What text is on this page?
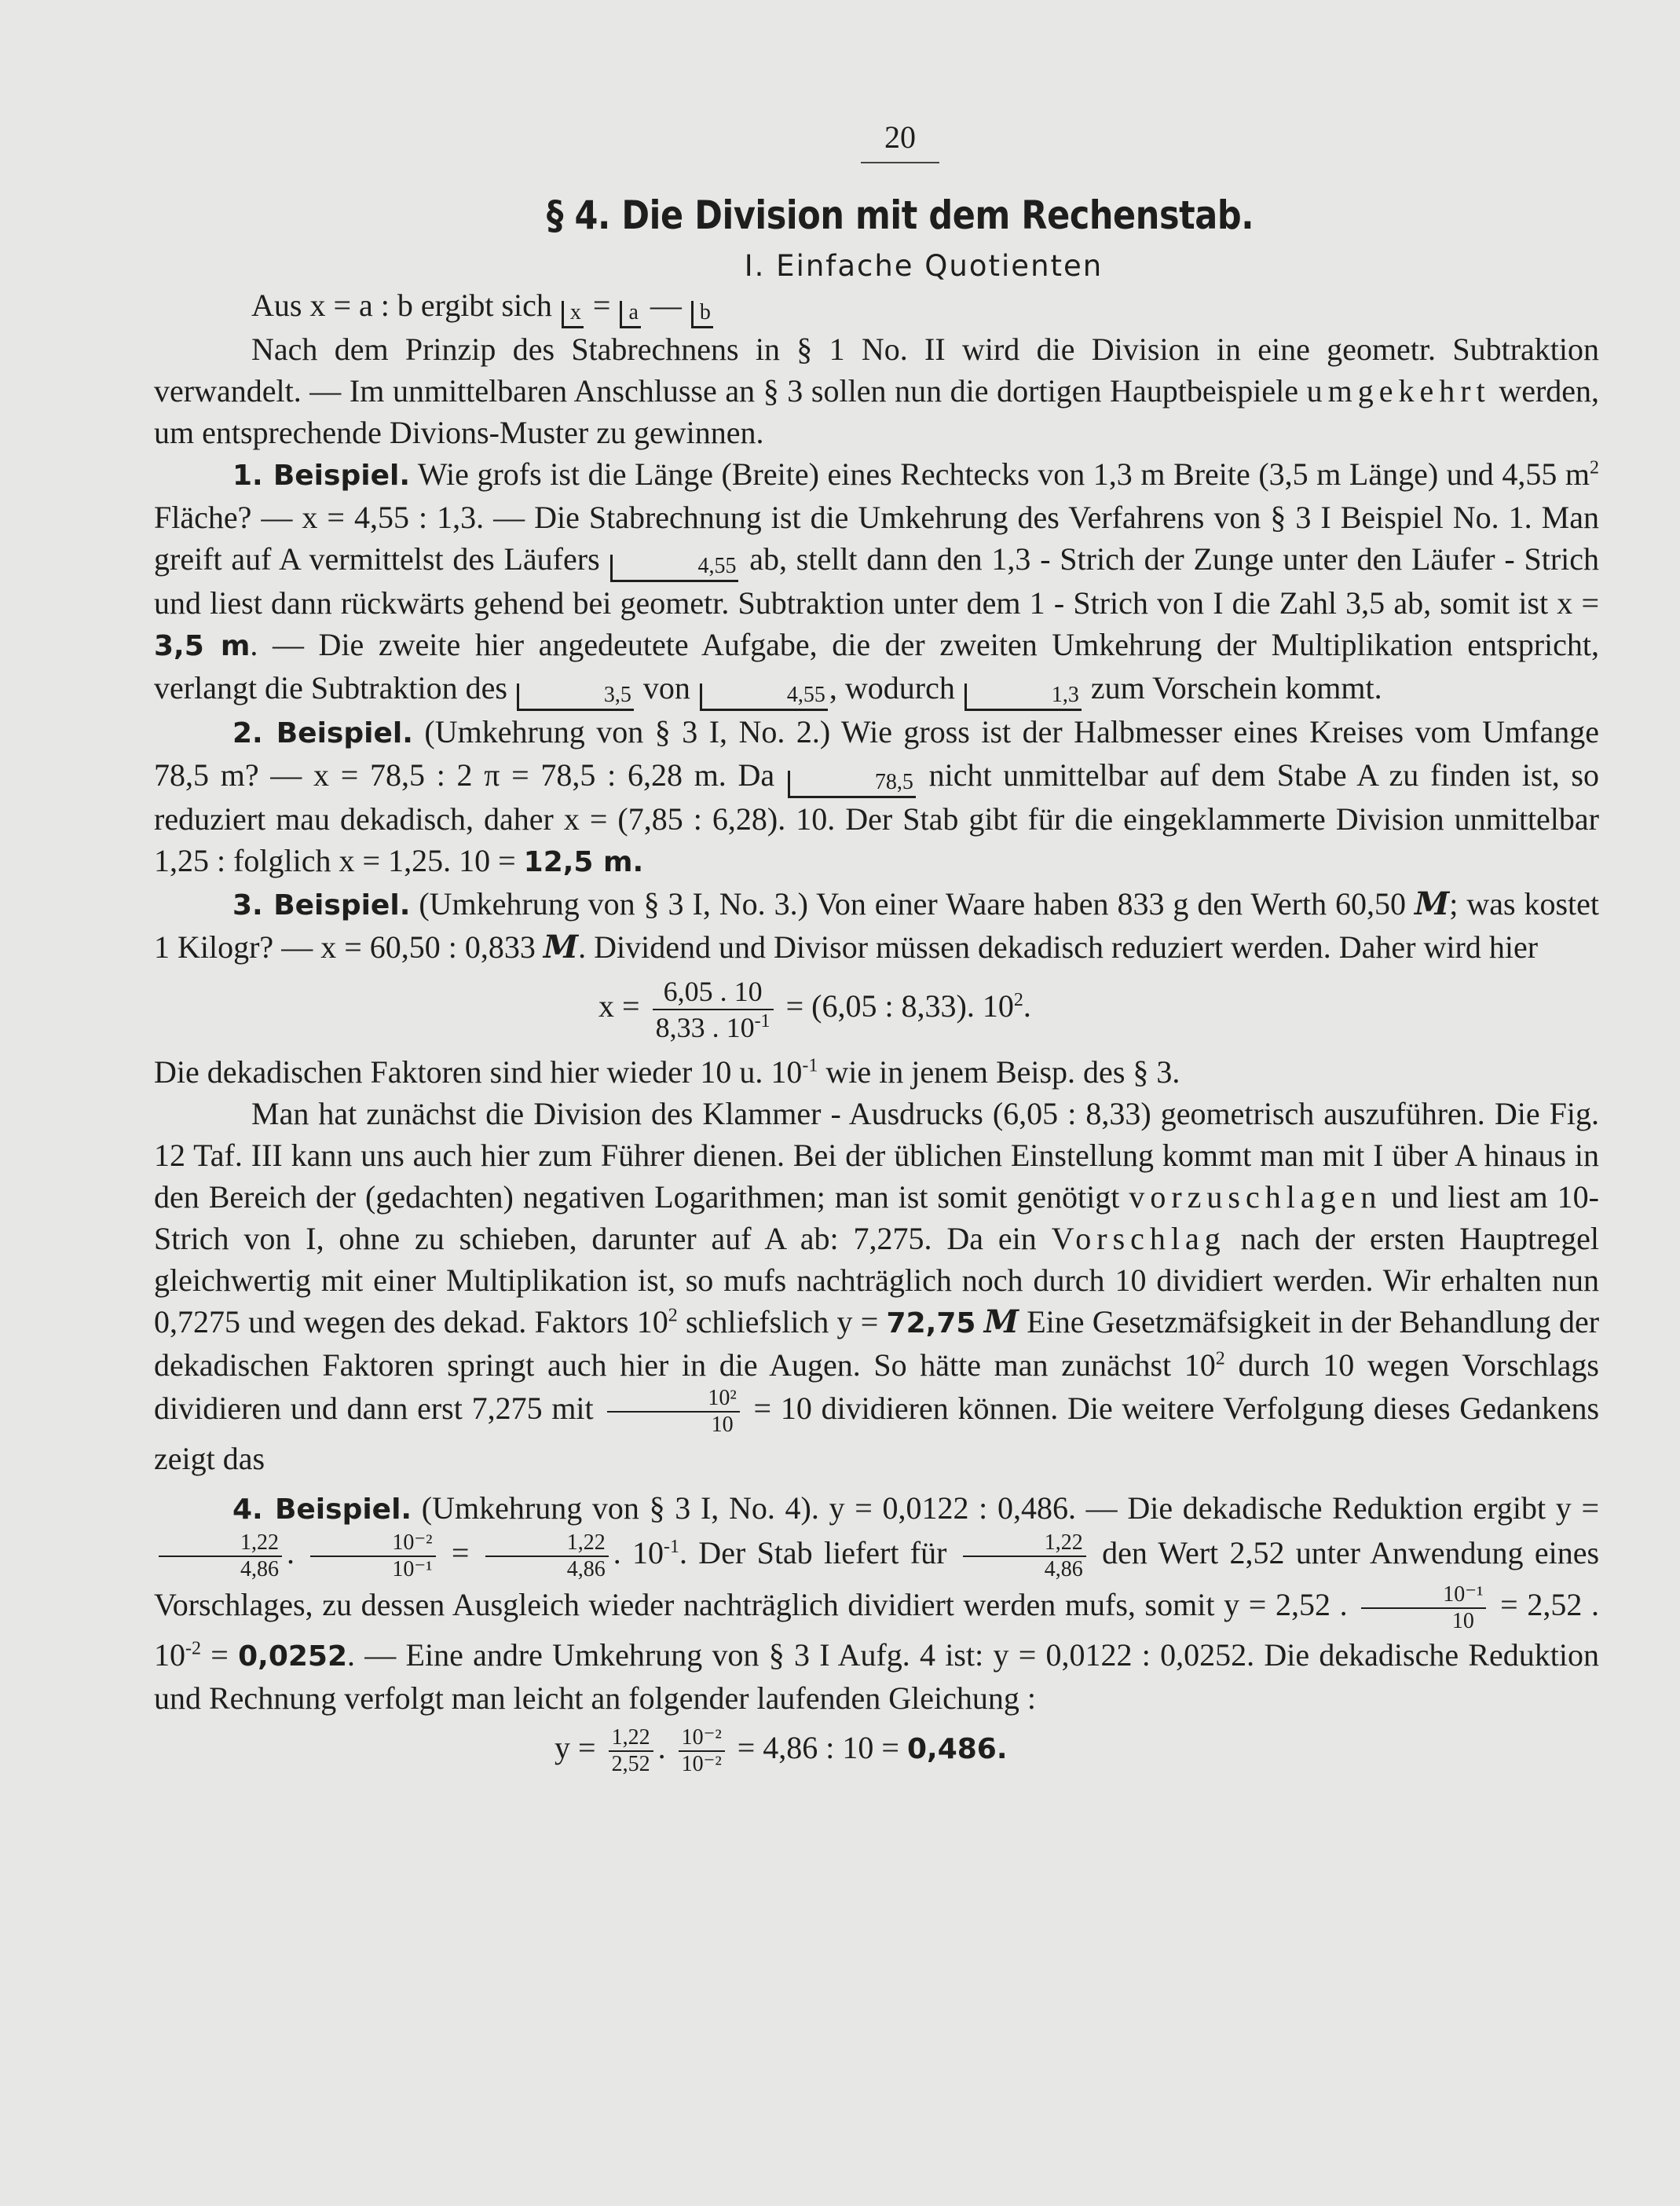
20
§ 4. Die Division mit dem Rechenstab.
I. Einfache Quotienten

Aus x = a : b ergibt sich x = a — b

Nach dem Prinzip des Stabrechnens in § 1 No. II wird die Division in eine geometr. Subtraktion verwandelt. — Im unmittelbaren Anschlusse an § 3 sollen nun die dortigen Hauptbeispiele umgekehrt werden, um entsprechende Divions-Muster zu gewinnen.

1. Beispiel. Wie grofs ist die Länge (Breite) eines Rechtecks von 1,3 m Breite (3,5 m Länge) und 4,55 $m^2$ Fläche? — x = 4,55 : 1,3. — Die Stabrechnung ist die Umkehrung des Verfahrens von § 3 I Beispiel No. 1. Man greift auf A vermittelst des Läufers	4,55 ab, stellt dann den 1,3 - Strich der Zunge unter den Läufer - Strich und liest dann rückwärts gehend bei geometr. Subtraktion unter dem 1 - Strich von I die Zahl 3,5 ab, somit ist x = 3,5 m. — Die zweite hier angedeutete Aufgabe, die der zweiten Umkehrung der Multiplikation entspricht, verlangt die Subtraktion des	3,5 von	4,55 , wodurch	1,3 zum Vorschein kommt.

2. Beispiel. (Umkehrung von § 3 I, No. 2.) Wie gross ist der Halbmesser eines Kreises vom Umfange 78,5 m? — x = 78,5 : 2 π = 78,5 : 6,28 m. Da	78,5 nicht unmittelbar auf dem Stabe A zu finden ist, so reduziert mau dekadisch, daher x = (7,85 : 6,28). 10. Der Stab gibt für die eingeklammerte Division unmittelbar 1,25 : folglich x = 1,25. 10 = 12,5 m.

3. Beispiel. (Umkehrung von § 3 I, No. 3.) Von einer Waare haben 833 g den Werth 60,50 M; was kostet 1 Kilogr? — x = 60,50 : 0,833 M. Dividend und Divisor müssen dekadisch reduziert werden. Daher wird hier

$x = \frac{6,05 . 10}{8,33 . 10^{-1}} = (6,05$ : 8,33). $10^2$.

Die dekadischen Faktoren sind hier wieder 10 u. $10^{-1}$ wie in jenem Beisp. des § 3.

Man hat zunächst die Division des Klammer - Ausdrucks (6,05 : 8,33) geometrisch auszuführen. Die Fig. 12 Taf. III kann uns auch hier zum Führer dienen. Bei der üblichen Einstellung kommt man mit I über A hinaus in den Bereich der (gedachten) negativen Logarithmen; man ist somit genötigt vorzuschlagen und liest am 10-Strich von I, ohne zu schieben, darunter auf A ab: 7,275. Da ein Vorschlag nach der ersten Hauptregel gleichwertig mit einer Multiplikation ist, so mufs nachträglich noch durch 10 dividiert werden. Wir erhalten nun 0,7275 und wegen des dekad. Faktors $10^2$ schliefslich y = 72,75 M Eine Gesetzmäfsigkeit in der Behandlung der dekadischen Faktoren springt auch hier in die Augen. So hätte man zunächst $10^2$ durch 10 wegen Vorschlags dividieren und dann erst 7,275 mit $\frac{\text{10²}}{10} = 10$ dividieren können. Die weitere Verfolgung dieses Gedankens zeigt das

4. Beispiel. (Umkehrung von § 3 I, No. 4). y = 0,0122 : 0,486. — Die dekadische Reduktion ergibt y =
$\frac{1,22}{4,86}$ . $\frac{\text{10⁻²}}{\text{10⁻¹}} = \frac{1,22}{4,86}$ . $10^{-1}$. Der Stab liefert für $\frac{1,22}{4,86}$ den Wert 2,52 unter Anwendung eines Vorschlages, zu dessen Ausgleich wieder nachträglich dividiert werden mufs, somit y = 2,52 . $\frac{\text{10⁻¹}}{10} = 2,52$ . $10^{-2} = 0,0252$. — Eine andre Umkehrung von § 3 I Aufg. 4 ist: y = 0,0122 : 0,0252. Die dekadische Reduktion und Rechnung verfolgt man leicht an folgender laufenden Gleichung :

$y = \frac{1,22}{2,52}$ . $\frac{\text{10⁻²}}{\text{10⁻²}} = 4,86$ : 10 = 0,486.
